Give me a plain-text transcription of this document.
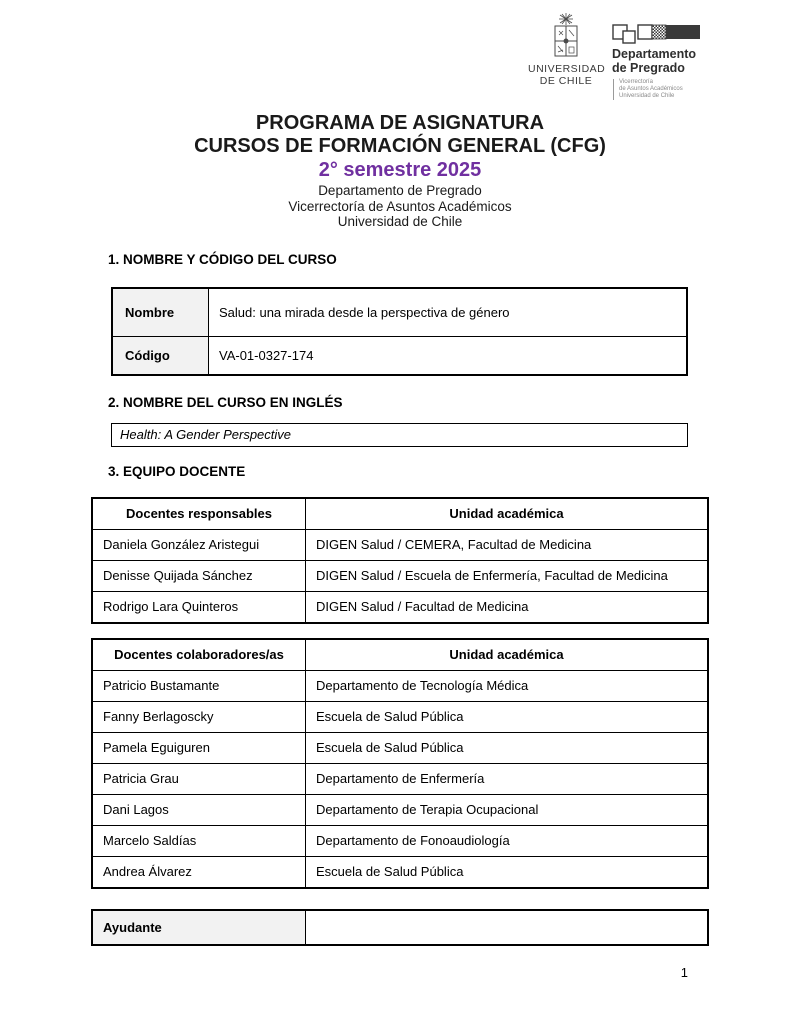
UNIVERSIDAD
DE CHILE
Departamento
de Pregrado
Vicerrectoría
de Asuntos Académicos
Universidad de Chile
PROGRAMA DE ASIGNATURA
CURSOS DE FORMACIÓN GENERAL (CFG)
2° semestre 2025
Departamento de Pregrado
Vicerrectoría de Asuntos Académicos
Universidad de Chile
1. NOMBRE Y CÓDIGO DEL CURSO
Nombre	Salud: una mirada desde la perspectiva de género
Código	VA-01-0327-174
2. NOMBRE DEL CURSO EN INGLÉS
Health: A Gender Perspective
3. EQUIPO DOCENTE
Docentes responsables	Unidad académica
Daniela González Aristegui	DIGEN Salud / CEMERA, Facultad de Medicina
Denisse Quijada Sánchez	DIGEN Salud / Escuela de Enfermería, Facultad de Medicina
Rodrigo Lara Quinteros	DIGEN Salud / Facultad de Medicina
Docentes colaboradores/as	Unidad académica
Patricio Bustamante	Departamento de Tecnología Médica
Fanny Berlagoscky	Escuela de Salud Pública
Pamela Eguiguren	Escuela de Salud Pública
Patricia Grau	Departamento de Enfermería
Dani Lagos	Departamento de Terapia Ocupacional
Marcelo Saldías	Departamento de Fonoaudiología
Andrea Álvarez	Escuela de Salud Pública
Ayudante	
1
